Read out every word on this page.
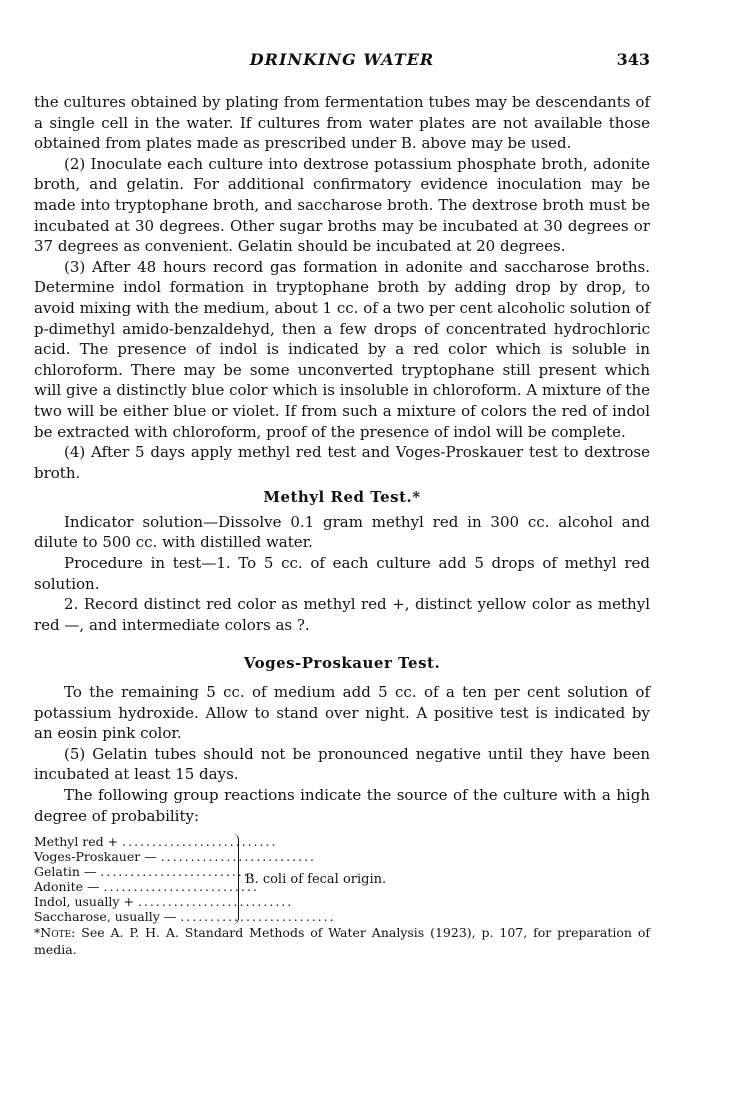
DRINKING WATER	343

the cultures obtained by plating from fermentation tubes may be descendants of a single cell in the water. If cultures from water plates are not available those obtained from plates made as prescribed under B. above may be used.

(2) Inoculate each culture into dextrose potassium phosphate broth, adonite broth, and gelatin. For additional confirmatory evidence inoculation may be made into tryptophane broth, and saccharose broth. The dextrose broth must be incubated at 30 degrees. Other sugar broths may be incubated at 30 degrees or 37 degrees as convenient. Gelatin should be incubated at 20 degrees.

(3) After 48 hours record gas formation in adonite and saccharose broths. Determine indol formation in tryptophane broth by adding drop by drop, to avoid mixing with the medium, about 1 cc. of a two per cent alcoholic solution of p-dimethyl amido-benzaldehyd, then a few drops of concentrated hydrochloric acid. The presence of indol is indicated by a red color which is soluble in chloroform. There may be some unconverted tryptophane still present which will give a distinctly blue color which is insoluble in chloroform. A mixture of the two will be either blue or violet. If from such a mixture of colors the red of indol be extracted with chloroform, proof of the presence of indol will be complete.

(4) After 5 days apply methyl red test and Voges-Proskauer test to dextrose broth.

Methyl Red Test.*

Indicator solution—Dissolve 0.1 gram methyl red in 300 cc. alcohol and dilute to 500 cc. with distilled water.

Procedure in test—1. To 5 cc. of each culture add 5 drops of methyl red solution.

2. Record distinct red color as methyl red +, distinct yellow color as methyl red —, and intermediate colors as ?.

Voges-Proskauer Test.

To the remaining 5 cc. of medium add 5 cc. of a ten per cent solution of potassium hydroxide. Allow to stand over night. A positive test is indicated by an eosin pink color.

(5) Gelatin tubes should not be pronounced negative until they have been incubated at least 15 days.

The following group reactions indicate the source of the culture with a high degree of probability:

Methyl red + ..........................
Voges-Proskauer — ..........................
Gelatin — ..........................
Adonite — ..........................
Indol, usually + ..........................
Saccharose, usually — ..........................
B. coli of fecal origin.

*Note: See A. P. H. A. Standard Methods of Water Analysis (1923), p. 107, for preparation of media.
